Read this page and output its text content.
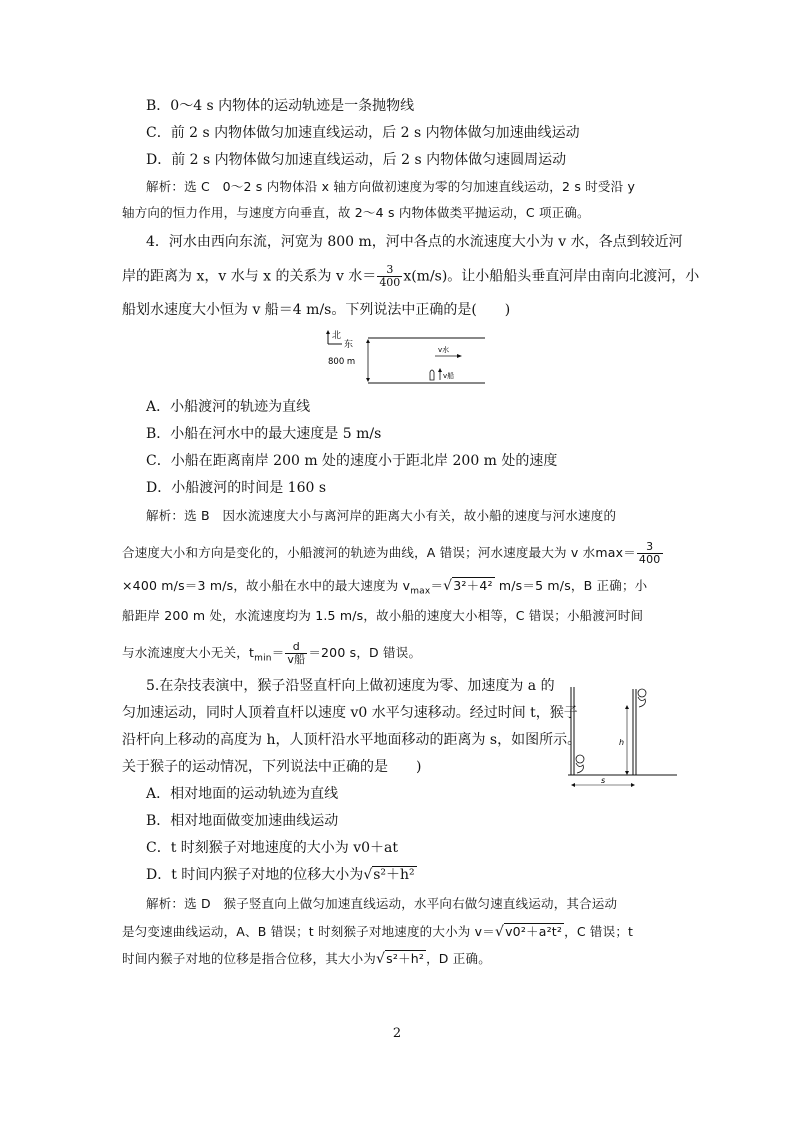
B．0～4 s 内物体的运动轨迹是一条抛物线
C．前 2 s 内物体做匀加速直线运动，后 2 s 内物体做匀加速曲线运动
D．前 2 s 内物体做匀加速直线运动，后 2 s 内物体做匀速圆周运动
解析：选 C　0～2 s 内物体沿 x 轴方向做初速度为零的匀加速直线运动，2 s 时受沿 y
轴方向的恒力作用，与速度方向垂直，故 2～4 s 内物体做类平抛运动，C 项正确。
4．河水由西向东流，河宽为 800 m，河中各点的水流速度大小为 v 水，各点到较近河
岸的距离为 x，v 水与 x 的关系为 v 水＝ $\frac{3}{400} x(m/s)$。让小船船头垂直河岸由南向北渡河，小
船划水速度大小恒为 v 船＝4 m/s。下列说法中正确的是(　　)
北
东
800 m
v水
v船
A．小船渡河的轨迹为直线
B．小船在河水中的最大速度是 5 m/s
C．小船在距离南岸 200 m 处的速度小于距北岸 200 m 处的速度
D．小船渡河的时间是 160 s
解析：选 B　因水流速度大小与离河岸的距离大小有关，故小船的速度与河水速度的
合速度大小和方向是变化的，小船渡河的轨迹为曲线，A 错误；河水速度最大为 v 水$\max= \frac{3}{400}$
×400 m/s＝3 m/s，故小船在水中的最大速度为 $v_{max}=√3^2+4^2$ m/s＝5 m/s，B 正确；小
船距岸 200 m 处，水流速度均为 1.5 m/s，故小船的速度大小相等，C 错误；小船渡河时间
与水流速度大小无关，$t_{min}= \frac{d}{\text{v船}} =200$ s，D 错误。
5.在杂技表演中，猴子沿竖直杆向上做初速度为零、加速度为 a 的
匀加速运动，同时人顶着直杆以速度 v0 水平匀速移动。经过时间 t，猴子
沿杆向上移动的高度为 h，人顶杆沿水平地面移动的距离为 s，如图所示。
关于猴子的运动情况，下列说法中正确的是　　)
h
s
A．相对地面的运动轨迹为直线
B．相对地面做变加速曲线运动
C．t 时刻猴子对地速度的大小为 v0＋at
D．t 时间内猴子对地的位移大小为√s²＋h²
解析：选 D　猴子竖直向上做匀加速直线运动，水平向右做匀速直线运动，其合运动
是匀变速曲线运动，A、B 错误；t 时刻猴子对地速度的大小为 v＝√v0²＋a²t² ，C 错误；t
时间内猴子对地的位移是指合位移，其大小为√s²＋h² ，D 正确。
2
